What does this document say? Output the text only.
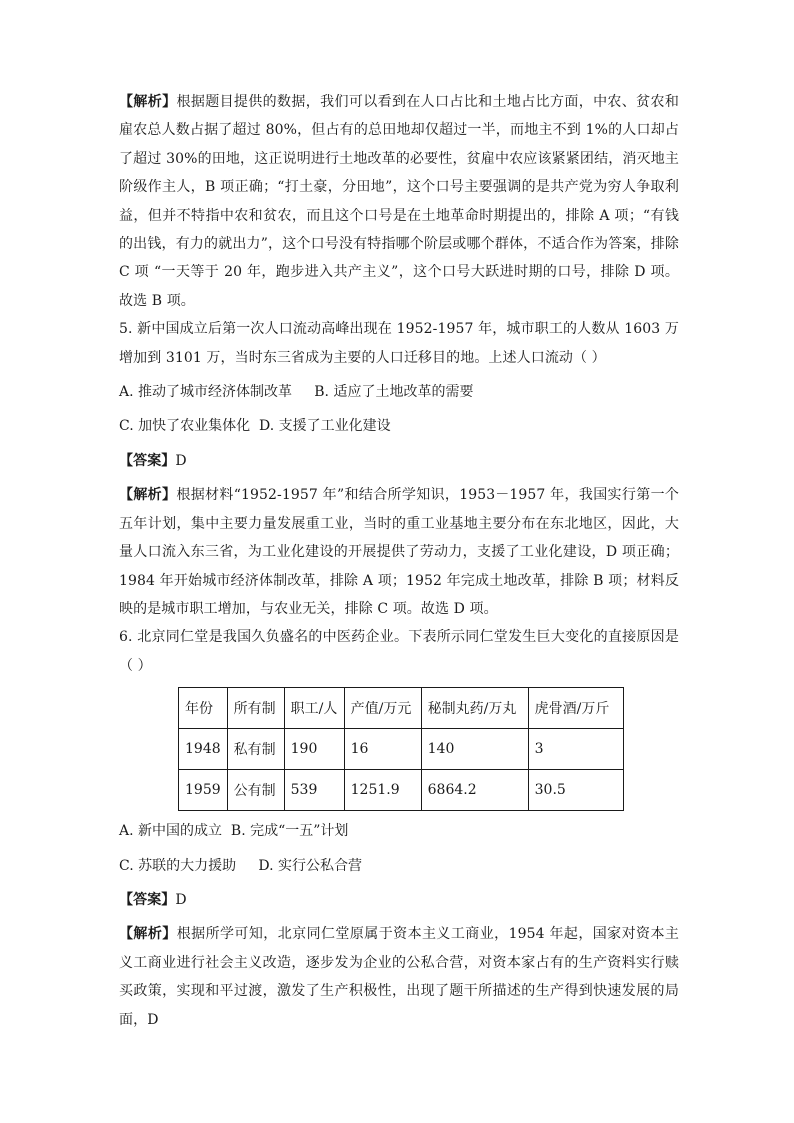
【解析】根据题目提供的数据，我们可以看到在人口占比和土地占比方面，中农、贫农和雇农总人数占据了超过 80%，但占有的总田地却仅超过一半，而地主不到 1%的人口却占了超过 30%的田地，这正说明进行土地改革的必要性，贫雇中农应该紧紧团结，消灭地主阶级作主人，B 项正确；“打土豪，分田地”，这个口号主要强调的是共产党为穷人争取利益，但并不特指中农和贫农，而且这个口号是在土地革命时期提出的，排除 A 项；“有钱的出钱，有力的就出力”，这个口号没有特指哪个阶层或哪个群体，不适合作为答案，排除 C 项 “一天等于 20 年，跑步进入共产主义”，这个口号大跃进时期的口号，排除 D 项。故选 B 项。

5. 新中国成立后第一次人口流动高峰出现在 1952-1957 年，城市职工的人数从 1603 万增加到 3101 万，当时东三省成为主要的人口迁移目的地。上述人口流动（ ）

A. 推动了城市经济体制改革     B. 适应了土地改革的需要

C. 加快了农业集体化  D. 支援了工业化建设

【答案】D

【解析】根据材料“1952-1957 年”和结合所学知识，1953－1957 年，我国实行第一个五年计划，集中主要力量发展重工业，当时的重工业基地主要分布在东北地区，因此，大量人口流入东三省，为工业化建设的开展提供了劳动力，支援了工业化建设，D 项正确；1984 年开始城市经济体制改革，排除 A 项；1952 年完成土地改革，排除 B 项；材料反映的是城市职工增加，与农业无关，排除 C 项。故选 D 项。

6. 北京同仁堂是我国久负盛名的中医药企业。下表所示同仁堂发生巨大变化的直接原因是（ ）

年份	所有制	职工/人	产值/万元	秘制丸药/万丸	虎骨酒/万斤
1948	私有制	190	16	140	3
1959	公有制	539	1251.9	6864.2	30.5

A. 新中国的成立  B. 完成“一五”计划

C. 苏联的大力援助     D. 实行公私合营

【答案】D

【解析】根据所学可知，北京同仁堂原属于资本主义工商业，1954 年起，国家对资本主义工商业进行社会主义改造，逐步发为企业的公私合营，对资本家占有的生产资料实行赎买政策，实现和平过渡，激发了生产积极性，出现了题干所描述的生产得到快速发展的局面，D
